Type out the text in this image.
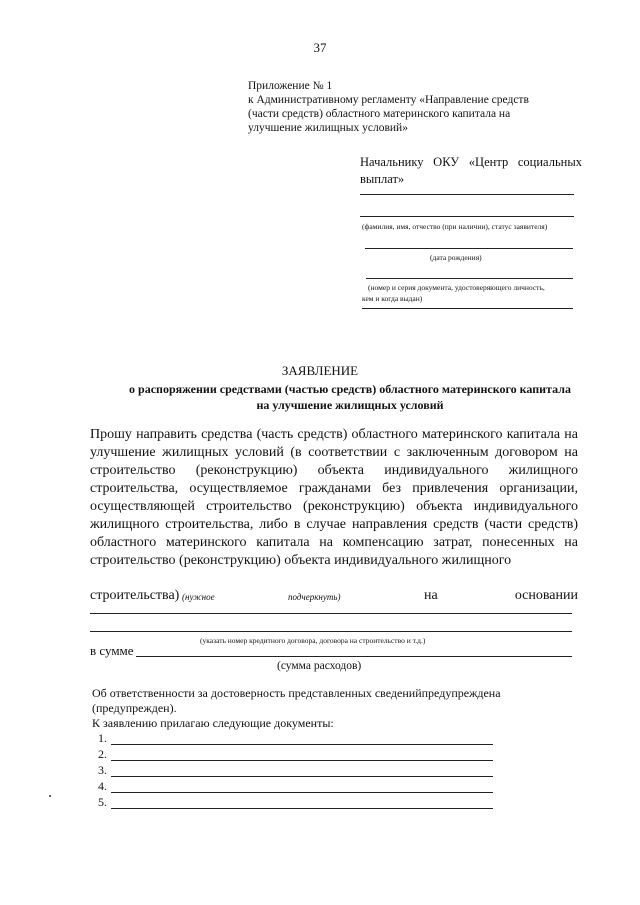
37
Приложение № 1
к Административному регламенту «Направление средств
(части средств) областного материнского капитала на
улучшение жилищных условий»
Начальнику ОКУ «Центр социальных выплат»
(фамилия, имя, отчество (при наличии), статус заявителя)
(дата рождения)
(номер и серия документа, удостоверяющего личность,
кем и когда выдан)
ЗАЯВЛЕНИЕ
о распоряжении средствами (частью средств) областного материнского капитала
на улучшение жилищных условий
Прошу направить средства (часть средств) областного материнского капитала на улучшение жилищных условий (в соответствии с заключенным договором на строительство (реконструкцию) объекта индивидуального жилищного строительства, осуществляемое гражданами без привлечения организации, осуществляющей строительство (реконструкцию) объекта индивидуального жилищного строительства, либо в случае направления средств (части средств) областного материнского капитала на компенсацию затрат, понесенных на строительство (реконструкцию) объекта индивидуального жилищного
строительства) (нужное	подчеркнуть)	на	основании
(указать номер кредитного договора, договора на строительство и т.д.)
в сумме
(сумма расходов)
Об ответственности за достоверность представленных сведенийпредупреждена (предупрежден).
К заявлению прилагаю следующие документы:
1.
2.
3.
4.
5.
